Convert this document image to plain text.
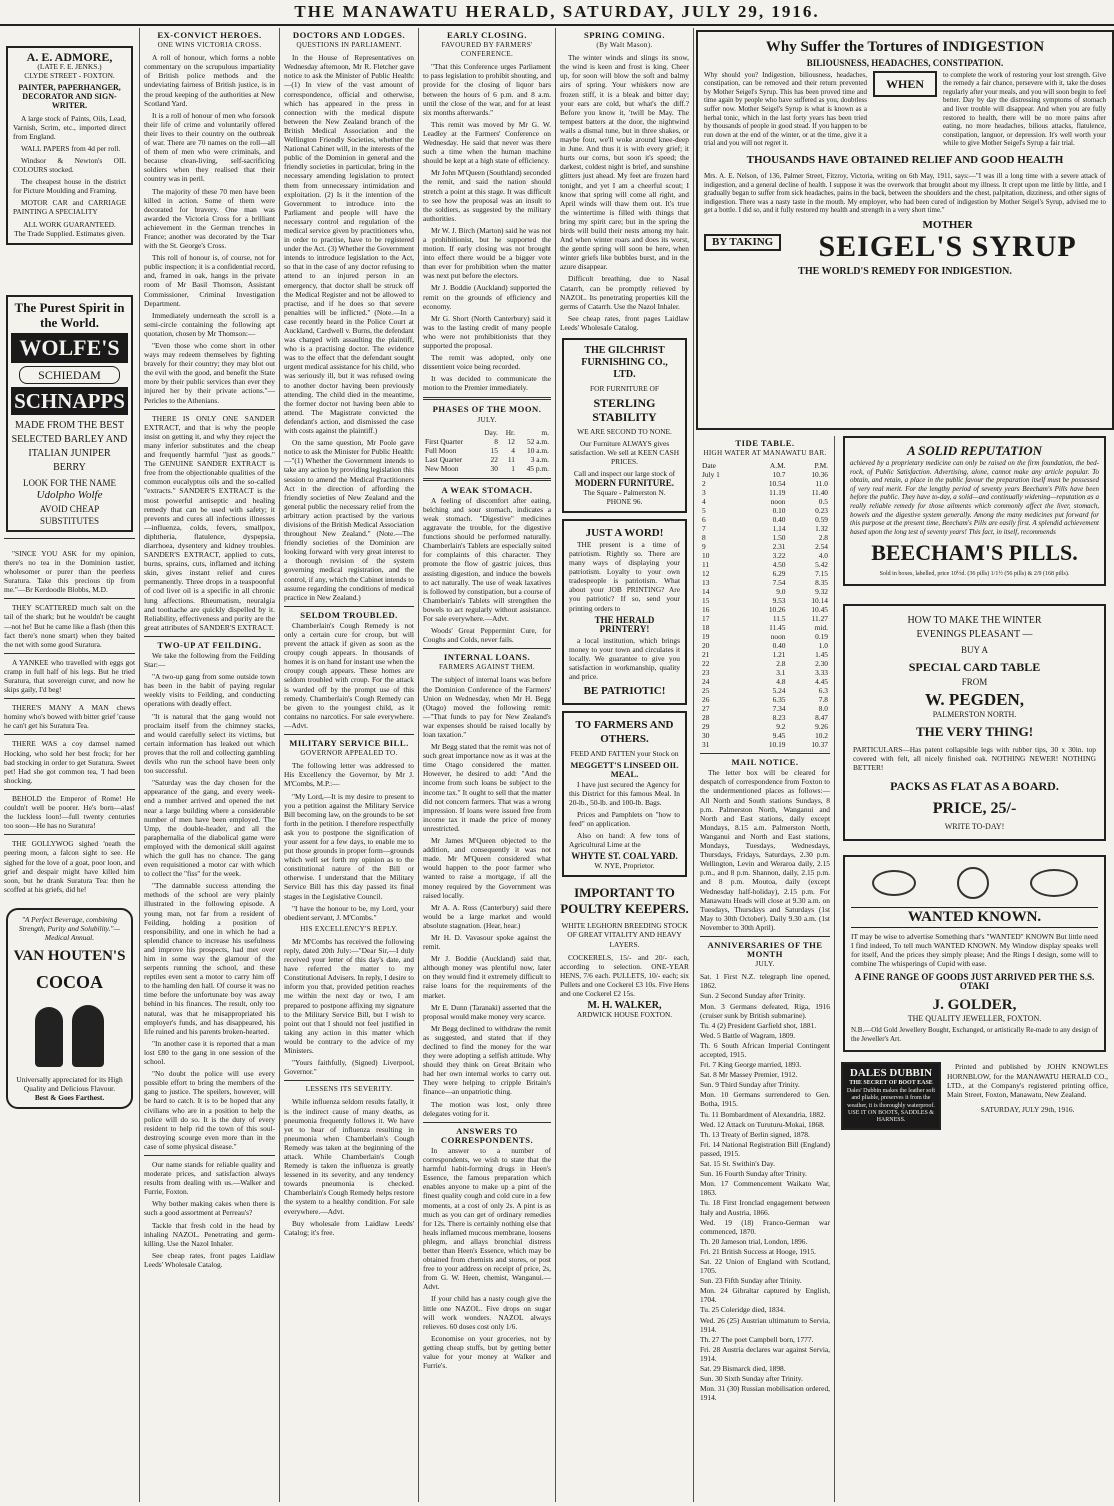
THE MANAWATU HERALD, SATURDAY, JULY 29, 1916.
A. E. ADMORE,
(LATE F. E. JENKS.)
CLYDE STREET - FOXTON.
PAINTER, PAPERHANGER, DECORATOR AND SIGN-WRITER.

A large stock of Paints, Oils, Lead, Varnish, Scrim, etc., imported direct from England.

WALL PAPERS from 4d per roll.

Windsor & Newton's OIL COLOURS stocked.

The cheapest house in the district for Picture Moulding and Framing.

MOTOR CAR and CARRIAGE PAINTING A SPECIALITY

ALL WORK GUARANTEED.
The Trade Supplied. Estimates given.
The Purest Spirit in the World.
WOLFE'S
SCHIEDAM
SCHNAPPS
MADE FROM THE BEST SELECTED BARLEY AND ITALIAN JUNIPER BERRY
LOOK FOR THE NAME
Udolpho Wolfe
AVOID CHEAP SUBSTITUTES

"SINCE YOU ASK for my opinion, there's no tea in the Dominion tastier, wholesomer or purer than the peerless Suratura. Take this precious tip from me."—Br Kerdoodle Blobbs, M.D.

THEY SCATTERED much salt on the tail of the shark; but he wouldn't be caught—not he! But he came like a flash (then this fact there's none smart) when they baited the net with some good Suratura.

A YANKEE who travelled with eggs got cramp in full half of his legs. But he tried Suratura, that sovereign curer, and now he skips gaily, I'd beg!

THERE'S MANY A MAN chews hominy who's bowed with bitter grief 'cause he can't get his Suratura Tea.

THERE WAS a coy damsel named Hocking, who sold her best frock; for her bad stocking in order to get Suratura. Sweet pet! Had she got common tea, 'I had been shocking.

BEHOLD the Emperor of Rome! He couldn't well be poorer. He's born—alas! the luckless loon!—full twenty centuries too soon—He has no Suratura!

THE GOLLYWOG sighed 'neath the peering moon, a falcon sight to see. He sighed for the love of a goat, poor loon, and grief and despair might have killed him soon, but he drank Suratura Tea: then he scoffed at his griefs, did he!

"A Perfect Beverage, combining Strength, Purity and Solubility."—Medical Annual.
VAN HOUTEN'S
COCOA
Universally appreciated for its High Quality and Delicious Flavour.
Best & Goes Farthest.
EX-CONVICT HEROES.
ONE WINS VICTORIA CROSS.

A roll of honour, which forms a noble commentary on the scrupulous impartiality of British police methods and the undeviating fairness of British justice, is in the proud keeping of the authorities at New Scotland Yard.

It is a roll of honour of men who forsook their life of crime and voluntarily offered their lives to their country on the outbreak of war. There are 70 names on the roll—all of them of men who were criminals, and because clean-living, self-sacrificing soldiers when they realised that their country was in peril.

The majority of these 70 men have been killed in action. Some of them were decorated for bravery. One man was awarded the Victoria Cross for a brilliant achievement in the German trenches in France; another was decorated by the Tsar with the St. George's Cross.

This roll of honour is, of course, not for public inspection; it is a confidential record, and, framed in oak, hangs in the private room of Mr Basil Thomson, Assistant Commissioner, Criminal Investigation Department.

Immediately underneath the scroll is a semi-circle containing the following apt quotation, chosen by Mr Thomson:—

"Even those who come short in other ways may redeem themselves by fighting bravely for their country; they may blot out the evil with the good, and benefit the State more by their public services than ever they injured her by their private actions."—Pericles to the Athenians.

THERE IS ONLY ONE SANDER EXTRACT, and that is why the people insist on getting it, and why they reject the many inferior substitutes and the cheap and frequently harmful "just as goods." The GENUINE SANDER EXTRACT is free from the objectionable qualities of the common eucalyptus oils and the so-called "extracts." SANDER'S EXTRACT is the most powerful antiseptic and healing remedy that can be used with safety; it prevents and cures all infectious illnesses—influenza, colds, fevers, smallpox, diphtheria, flatulence, dyspepsia, diarrhoea, dysentery and kidney troubles. SANDER'S EXTRACT, applied to cuts, burns, sprains, cuts, inflamed and itching skin, gives instant relief and cures permanently. Three drops in a teaspoonful of cod liver oil is a specific in all chronic lung affections. Rheumatism, neuralgia and toothache are quickly dispelled by it. Reliability, effectiveness and purity are the great attributes of SANDER'S EXTRACT.

TWO-UP AT FEILDING.

We take the following from the Feilding Star:—

"A two-up gang from some outside town has been in the habit of paying regular weekly visits to Feilding, and conducting operations with deadly effect.

"It is natural that the gang would not proclaim itself from the chimney stacks, and would carefully select its victims, but certain information has leaked out which proves that the roll and collecting gambling devils who run the school have been only too successful.

"Saturday was the day chosen for the appearance of the gang, and every week-end a number arrived and opened the net near a large building where a considerable number of men have been employed. The Ump, the double-header, and all the paraphernalia of the diabolical game were employed with the demonical skill against which the gull has no chance. The gang even requisitioned a motor car with which to collect the "fiss" for the week.

"The damnable success attending the methods of the school are very plainly illustrated in the following episode. A young man, not far from a resident of Feilding, holding a position of responsibility, and one in which he had a splendid chance to increase his usefulness and improve his prospects, had met over him in some way the glamour of the serpents running the school, and these reptiles even sent a motor to carry him off to the hamling den hall. Of course it was no time before the unfortunate boy was away behind in his finances. The result, only too natural, was that he misappropriated his employer's funds, and has disappeared, his life ruined and his parents broken-hearted.

"In another case it is reported that a man lost £80 to the gang in one session of the school.

"No doubt the police will use every possible effort to bring the members of the gang to justice. The speilers, however, will be hard to catch. It is to be hoped that any civilians who are in a position to help the police will do so. It is the duty of every resident to help rid the town of this soul-destroying scourge even more than in the case of some physical disease."

Our name stands for reliable quality and moderate prices, and satisfaction always results from dealing with us.—Walker and Furrie, Foxton.

Why bother making cakes when there is such a good assortment at Perreau's?

Tackle that fresh cold in the head by inhaling NAZOL. Penetrating and germ-killing. Use the Nazol Inhaler.

See cheap rates, front pages Laidlaw Leeds' Wholesale Catalog.

DOCTORS AND LODGES.
QUESTIONS IN PARLIAMENT.

In the House of Representatives on Wednesday afternoon, Mr R. Fletcher gave notice to ask the Minister of Public Health:—(1) In view of the vast amount of correspondence, official and otherwise, which has appeared in the press in connection with the medical dispute between the New Zealand branch of the British Medical Association and the Wellington Friendly Societies, whether the National Cabinet will, in the interests of the public of the Dominion in general and the friendly societies in particular, bring in the necessary amending legislation to protect them from unnecessary intimidation and exploitation. (2) Is it the intention of the Government to introduce into the Parliament and people will have the necessary control and regulation of the medical service given by practitioners who, in order to practise, have to be registered under the Act. (3) Whether the Government intends to introduce legislation to the Act, so that in the case of any doctor refusing to attend to an injured person in an emergency, that doctor shall be struck off the Medical Register and not be allowed to practise, and if he does so that severe penalties will be inflicted." (Note.—In a case recently heard in the Police Court at Auckland, Cardwell v. Burns, the defendant was charged with assaulting the plaintiff, who is a practising doctor. The evidence was to the effect that the defendant sought urgent medical assistance for his child, who was seriously ill, but it was refused owing to another doctor having been previously attending. The child died in the meantime, the former doctor not having been able to attend. The Magistrate convicted the defendant's action, and dismissed the case with costs against the plaintiff.)

On the same question, Mr Poole gave notice to ask the Minister for Public Health:—"(1) Whether the Government intends to take any action by providing legislation this session to amend the Medical Practitioners Act in the direction of affording the friendly societies of New Zealand and the general public the necessary relief from the arbitrary action practised by the various divisions of the British Medical Association throughout New Zealand." (Note.—The friendly societies of the Dominion are looking forward with very great interest to a thorough revision of the system governing medical registration, and the control, if any, which the Cabinet intends to assume regarding the conditions of medical practice in New Zealand.)

SELDOM TROUBLED.

Chamberlain's Cough Remedy is not only a certain cure for croup, but will prevent the attack if given as soon as the croupy cough appears. In thousands of homes it is on hand for instant use when the croupy cough appears. These homes are seldom troubled with croup. For the attack is warded off by the prompt use of this remedy. Chamberlain's Cough Remedy can be given to the youngest child, as it contains no narcotics. For sale everywhere.—Advt.

MILITARY SERVICE BILL.
GOVERNOR APPEALED TO.

The following letter was addressed to His Excellency the Governor, by Mr J. M'Combs, M.P.:—

"My Lord,—It is my desire to present to you a petition against the Military Service Bill becoming law, on the grounds to be set forth in the petition. I therefore respectfully ask you to postpone the signification of your assent for a few days, to enable me to put those grounds in proper form—grounds which well set forth my opinion as to the constitutional nature of the Bill or otherwise. I understand that the Military Service Bill has this day passed its final stages in the Legislative Council.

"I have the honour to be, my Lord, your obedient servant, J. M'Combs."

HIS EXCELLENCY'S REPLY.

Mr M'Combs has received the following reply, dated 20th July:—"Dear Sir,—I duly received your letter of this day's date, and have referred the matter to my Constitutional Advisers. In reply, I desire to inform you that, provided petition reaches me within the next day or two, I am prepared to postpone affixing my signature to the Military Service Bill, but I wish to point out that I should not feel justified in taking any action in this matter which would be contrary to the advice of my Ministers.

"Yours faithfully, (Signed) Liverpool, Governor."

LESSENS ITS SEVERITY.

While influenza seldom results fatally, it is the indirect cause of many deaths, as pneumonia frequently follows it. We have yet to hear of influenza resulting in pneumonia when Chamberlain's Cough Remedy was taken at the beginning of the attack. While Chamberlain's Cough Remedy is taken the influenza is greatly lessened in its severity, and any tendency towards pneumonia is checked. Chamberlain's Cough Remedy helps restore the system to a healthy condition. For sale everywhere.—Advt.

Buy wholesale from Laidlaw Leeds' Catalog; it's free.

EARLY CLOSING.
FAVOURED BY FARMERS' CONFERENCE.

"That this Conference urges Parliament to pass legislation to prohibit shouting, and provide for the closing of liquor bars between the hours of 6 p.m. and 8 a.m. until the close of the war, and for at least six months afterwards."

This remit was moved by Mr G. W. Leadley at the Farmers' Conference on Wednesday. He said that never was there such a time when the human machine should be kept at a high state of efficiency.

Mr John M'Queen (Southland) seconded the remit, and said the nation should stretch a point at this stage. It was difficult to see how the proposal was an insult to the soldiers, as suggested by the military authorities.

Mr W. J. Birch (Marton) said he was not a prohibitionist, but he supported the motion. If early closing was not brought into effect there would be a bigger vote than ever for prohibition when the matter was next put before the electors.

Mr J. Boddie (Auckland) supported the remit on the grounds of efficiency and economy.

Mr G. Short (North Canterbury) said it was to the lasting credit of many people who were not prohibitionists that they supported the proposal.

The remit was adopted, only one dissentient voice being recorded.

It was decided to communicate the motion to the Premier immediately.

PHASES OF THE MOON.
JULY.
	Day.	Hr.	m.
First Quarter	8	12	52 a.m.
Full Moon	15	4	10 a.m.
Last Quarter	22	11	3 a.m.
New Moon	30	1	45 p.m.
A WEAK STOMACH.

A feeling of discomfort after eating, belching and sour stomach, indicates a weak stomach. "Digestive" medicines aggravate the trouble, for the digestive functions should be performed naturally. Chamberlain's Tablets are especially suited for complaints of this character. They promote the flow of gastric juices, thus assisting digestion, and induce the bowels to act naturally. The use of weak laxatives is followed by constipation, but a course of Chamberlain's Tablets will strengthen the bowels to act regularly without assistance. For sale everywhere.—Advt.

Woods' Great Peppermint Cure, for Coughs and Colds, never fails.

INTERNAL LOANS.
FARMERS AGAINST THEM.

The subject of internal loans was before the Dominion Conference of the Farmers' Union on Wednesday, when Mr H. Begg (Otago) moved the following remit:—"That funds to pay for New Zealand's war expenses should be raised locally by loan taxation."

Mr Begg stated that the remit was not of such great importance now as it was at the time Otago considered the matter. However, he desired to add: "And the income from such loans be subject to the income tax." It ought to sell that the matter did not concern farmers. That was a wrong impression. If loans were issued free from income tax it made the price of money unrestricted.

Mr James M'Queen objected to the addition, and consequently it was not made. Mr M'Queen considered what would happen to the poor farmer who wanted to raise a mortgage, if all the money required by the Government was raised locally.

Mr A. A. Ross (Canterbury) said there would be a large market and would absolute stagnation. (Hear, hear.)

Mr H. D. Vavasour spoke against the remit.

Mr J. Boddie (Auckland) said that, although money was plentiful now, later on they would find it extremely difficult to raise loans for the requirements of the market.

Mr E. Dunn (Taranaki) asserted that the proposal would make money very scarce.

Mr Begg declined to withdraw the remit as suggested, and stated that if they declined to find the money for the war they were adopting a selfish attitude. Why should they think on Great Britain who had her own internal works to carry out. They were helping to cripple Britain's finance—an unpatriotic thing.

The motion was lost, only three delegates voting for it.

ANSWERS TO CORRESPONDENTS.

In answer to a number of correspondents, we wish to state that the harmful habit-forming drugs in Heen's Essence, the famous preparation which enables anyone to make up a pint of the finest quality cough and cold cure in a few moments, at a cost of only 2s. A pint is as much as you can get of ordinary remedies for 12s. There is certainly nothing else that heals inflamed mucous membrane, loosens phlegm, and allays bronchial distress better than Heen's Essence, which may be obtained from chemists and stores, or post free to your address on receipt of price, 2s, from G. W. Heen, chemist, Wanganui.—Advt.

If your child has a nasty cough give the little one NAZOL. Five drops on sugar will work wonders. NAZOL always relieves. 60 doses cost only 1/6.

Economise on your groceries, not by getting cheap stuffs, but by getting better value for your money at Walker and Furrie's.

SPRING COMING.
(By Walt Mason).

The winter winds and slings its snow, the wind is keen and frost is king. Cheer up, for soon will blow the soft and balmy airs of spring. Your whiskers now are frozen stiff, it is a bleak and bitter day; your ears are cold, but what's the diff.? Before you know it, 'twill be May. The tempest batters at the door, the nightwind wails a dismal tune, but in three shakes, or maybe four, we'll woke around knee-deep in June. And thus it is with every grief; it hurts our corns, but soon it's speed; the darkest, coldest night is brief, and sunshine glitters just ahead. My feet are frozen hard tonight, and yet I am a cheerful scout; I know that spring will come all right, and April winds will thaw them out. It's true the wintertime is filled with things that bring my spirit care; but in the spring the birds will build their nests among my hair. And when winter roars and does its worst, the gentle spring will soon be here, when winter griefs like bubbles burst, and in the azure disappear.

Difficult breathing, due to Nasal Catarrh, can be promptly relieved by NAZOL. Its penetrating properties kill the germs of Catarrh. Use the Nazol Inhaler.

See cheap rates, front pages Laidlaw Leeds' Wholesale Catalog.

THE GILCHRIST FURNISHING CO., LTD.
FOR FURNITURE OF
STERLING STABILITY
WE ARE SECOND TO NONE.
Our Furniture ALWAYS gives satisfaction. We sell at KEEN CASH PRICES.
Call and inspect our large stock of
MODERN FURNITURE.
The Square - Palmerston N.
PHONE 96.
JUST A WORD!

THE present is a time of patriotism. Rightly so. There are many ways of displaying your patriotism. Loyalty to your own tradespeople is patriotism. What about your JOB PRINTING? Are you patriotic? If so, send your printing orders to

THE HERALD PRINTERY!

a local institution, which brings money to your town and circulates it locally. We guarantee to give you satisfaction in workmanship, quality and price.

BE PATRIOTIC!
TO FARMERS AND OTHERS.
FEED AND FATTEN your Stock on
MEGGETT'S LINSEED OIL MEAL.

I have just secured the Agency for this District for this famous Meal. In 20-lb., 50-lb. and 100-lb. Bags.

Prices and Pamphlets on "how to feed" on application.

Also on hand: A few tons of Agricultural Lime at the

WHYTE ST. COAL YARD.
W. NYE, Proprietor.
IMPORTANT TO POULTRY KEEPERS.
WHITE LEGHORN BREEDING STOCK OF GREAT VITALITY AND HEAVY LAYERS.

COCKERELS, 15/- and 20/- each, according to selection. ONE-YEAR HENS, 7/6 each. PULLETS, 10/- each; six Pullets and one Cockerel £3 10s. Five Hens and one Cockerel £2 15s.

M. H. WALKER,
ARDWICK HOUSE FOXTON.
Why Suffer the Tortures of INDIGESTION
BILIOUSNESS, HEADACHES, CONSTIPATION.
Why should you? Indigestion, biliousness, headaches, constipation, can be removed and their return prevented by Mother Seigel's Syrup. This has been proved time and time again by people who have suffered as you, doubtless suffer now. Mother Seigel's Syrup is what is known as a herbal tonic, which in the last forty years has been tried by thousands of people in good stead. If you happen to be run down at the end of the winter, or at the time, give it a trial and you will not regret it.
WHEN
to complete the work of restoring your lost strength. Give the remedy a fair chance, persevere with it, take the doses regularly after your meals, and you will soon begin to feel better. Day by day the distressing symptoms of stomach and liver trouble will disappear. And when you are fully restored to health, there will be no more pains after eating, no more headaches, bilious attacks, flatulence, constipation, languor, or depression. It's well worth your while to give Mother Seigel's Syrup a fair trial.
THOUSANDS HAVE OBTAINED RELIEF AND GOOD HEALTH
Mrs. A. E. Nelson, of 136, Palmer Street, Fitzroy, Victoria, writing on 6th May, 1911, says:—"I was ill a long time with a severe attack of indigestion, and a general decline of health. I suppose it was the overwork that brought about my illness. It crept upon me little by little, and I gradually began to suffer from sick headaches, pains in the back, between the shoulders and the chest, palpitation, dizziness, and other signs of indigestion. There was a nasty taste in the mouth. My employer, who had been cured of indigestion by Mother Seigel's Syrup, advised me to get a bottle. I did so, and it fully restored my health and strength in a very short time."
BY TAKING
MOTHER
SEIGEL'S SYRUP
THE WORLD'S REMEDY FOR INDIGESTION.
TIDE TABLE.
HIGH WATER AT MANAWATU BAR.
Date	A.M.	P.M.
July 1	10.7	10.36
2	10.54	11.0
3	11.19	11.40
4	noon	0.5
5	0.10	0.23
6	0.40	0.59
7	1.14	1.32
8	1.50	2.8
9	2.31	2.54
10	3.22	4.0
11	4.50	5.42
12	6.29	7.15
13	7.54	8.35
14	9.0	9.32
15	9.53	10.14
16	10.26	10.45
17	11.5	11.27
18	11.45	mid.
19	noon	0.19
20	0.40	1.0
21	1.21	1.45
22	2.8	2.30
23	3.1	3.33
24	4.8	4.45
25	5.24	6.3
26	6.35	7.8
27	7.34	8.0
28	8.23	8.47
29	9.2	9.26
30	9.45	10.2
31	10.19	10.37
MAIL NOTICE.

The letter box will be cleared for despatch of correspondence from Foxton to the undermentioned places as follows:— All North and South stations Sundays, 8 p.m. Palmerston North, Wanganui and North and East stations, daily except Mondays, 8.15 a.m. Palmerston North, Wanganui and North and East stations, Mondays, Tuesdays, Wednesdays, Thursdays, Fridays, Saturdays, 2.30 p.m. Wellington, Levin and Weraroa daily, 2.15 p.m., and 8 p.m. Shannon, daily, 2.15 p.m. and 8 p.m. Moutoa, daily (except Wednesday half-holiday), 2.15 p.m. For Manawatu Heads will close at 9.30 a.m. on Tuesdays, Thursdays and Saturdays (1st May to 30th October). Daily 9.30 a.m. (1st November to 30th April).

ANNIVERSARIES OF THE MONTH
JULY.
Sat. 1 First N.Z. telegraph line opened, 1862.
Sun. 2 Second Sunday after Trinity.
Mon. 3 Germans defeated, Riga, 1916 (cruiser sunk by British submarine).
Tu. 4 (2) President Garfield shot, 1881.
Wed. 5 Battle of Wagram, 1809.
Th. 6 South African Imperial Contingent accepted, 1915.
Fri. 7 King George married, 1893.
Sat. 8 Mr Massey Premier, 1912.
Sun. 9 Third Sunday after Trinity.
Mon. 10 Germans surrendered to Gen. Botha, 1915.
Tu. 11 Bombardment of Alexandria, 1882.
Wed. 12 Attack on Turuturu-Mokai, 1868.
Th. 13 Treaty of Berlin signed, 1878.
Fri. 14 National Registration Bill (England) passed, 1915.
Sat. 15 St. Swithin's Day.
Sun. 16 Fourth Sunday after Trinity.
Mon. 17 Commencement Waikato War, 1863.
Tu. 18 First Ironclad engagement between Italy and Austria, 1866.
Wed. 19 (18) Franco-German war commenced, 1870.
Th. 20 Jameson trial, London, 1896.
Fri. 21 British Success at Hooge, 1915.
Sat. 22 Union of England with Scotland, 1705.
Sun. 23 Fifth Sunday after Trinity.
Mon. 24 Gibraltar captured by English, 1704.
Tu. 25 Coleridge died, 1834.
Wed. 26 (25) Austrian ultimatum to Servia, 1914.
Th. 27 The poet Campbell born, 1777.
Fri. 28 Austria declares war against Servia, 1914.
Sat. 29 Bismarck died, 1898.
Sun. 30 Sixth Sunday after Trinity.
Mon. 31 (30) Russian mobilisation ordered, 1914.
A SOLID REPUTATION
achieved by a proprietary medicine can only be raised on the firm foundation, the bed-rock, of Public Satisfaction. Advertising, alone, cannot make any article popular. To obtain, and retain, a place in the public favour the preparation itself must be possessed of very real merit. For the lengthy period of seventy years Beecham's Pills have been before the public. They have to-day, a solid—and continually widening—reputation as a really reliable remedy for those ailments which commonly affect the liver, stomach, bowels and the digestive system generally. Among the many medicines put forward for this purpose at the present time, Beecham's Pills are easily first. A splendid achievement based upon the long test of seventy years! This fact, in itself, recommends
BEECHAM'S PILLS.
Sold in boxes, labelled, price 10½d. (36 pills) 1/1½ (56 pills) & 2/9 (168 pills).
HOW TO MAKE THE WINTER
EVENINGS PLEASANT —
BUY A
SPECIAL CARD TABLE
FROM
W. PEGDEN,
PALMERSTON NORTH.
THE VERY THING!
PARTICULARS—Has patent collapsible legs with rubber tips, 30 x 30in. top covered with felt, all nicely finished oak. NOTHING NEWER! NOTHING BETTER!
PACKS AS FLAT AS A BOARD.
PRICE, 25/-
WRITE TO-DAY!
WANTED KNOWN.
IT may be wise to advertise Something that's "WANTED" KNOWN But little need I find indeed, To tell much WANTED KNOWN. My Window display speaks well for itself, And the prices they simply please; And the Rings I design, some will to combine The whisperings of Cupid with ease.
A FINE RANGE OF GOODS JUST ARRIVED PER THE S.S. OTAKI
J. GOLDER,
THE QUALITY JEWELLER, FOXTON.
N.B.—Old Gold Jewellery Bought, Exchanged, or artistically Re-made to any design of the Jeweller's Art.
DALES DUBBIN
THE SECRET OF BOOT EASE
Dales' Dubbin makes the leather soft and pliable, preserves it from the weather, it is thoroughly waterproof. USE IT ON BOOTS, SADDLES & HARNESS.

Printed and published by JOHN KNOWLES HORNBLOW, for the MANAWATU HERALD CO., LTD., at the Company's registered printing office, Main Street, Foxton, Manawatu, New Zealand.

SATURDAY, JULY 29th, 1916.
